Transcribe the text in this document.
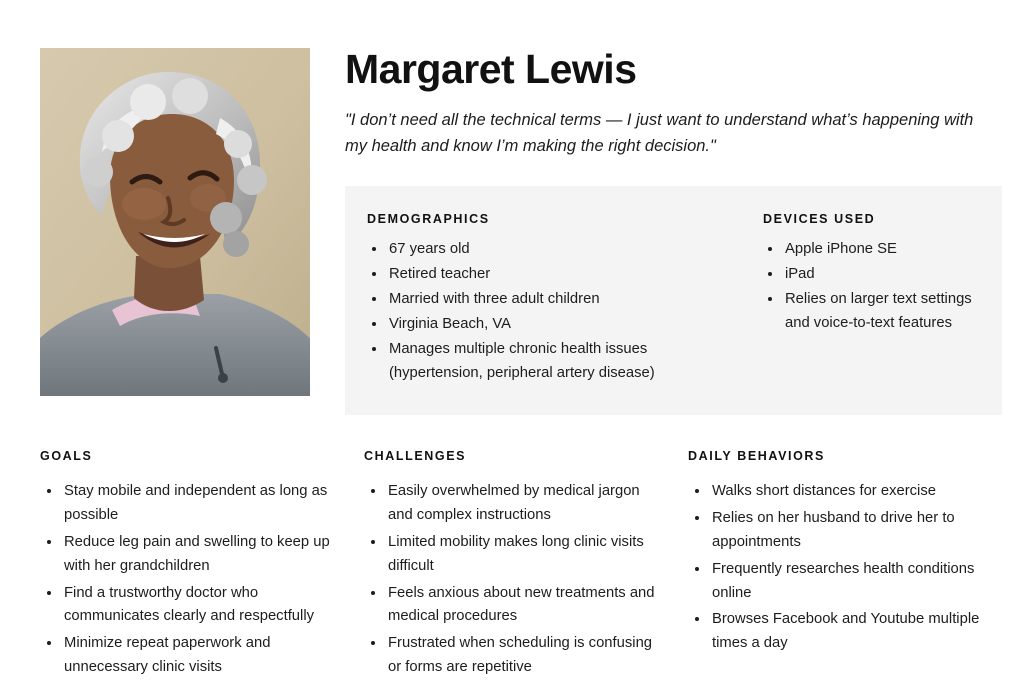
Margaret Lewis

"I don’t need all the technical terms — I just want to understand what’s happening with my health and know I’m making the right decision."

DEMOGRAPHICS
• 67 years old
• Retired teacher
• Married with three adult children
• Virginia Beach, VA
• Manages multiple chronic health issues (hypertension, peripheral artery disease)
DEVICES USED
• Apple iPhone SE
• iPad
• Relies on larger text settings and voice-to-text features
GOALS
• Stay mobile and independent as long as possible
• Reduce leg pain and swelling to keep up with her grandchildren
• Find a trustworthy doctor who communicates clearly and respectfully
• Minimize repeat paperwork and unnecessary clinic visits
CHALLENGES
• Easily overwhelmed by medical jargon and complex instructions
• Limited mobility makes long clinic visits difficult
• Feels anxious about new treatments and medical procedures
• Frustrated when scheduling is confusing or forms are repetitive
DAILY BEHAVIORS
• Walks short distances for exercise
• Relies on her husband to drive her to appointments
• Frequently researches health conditions online
• Browses Facebook and Youtube multiple times a day
